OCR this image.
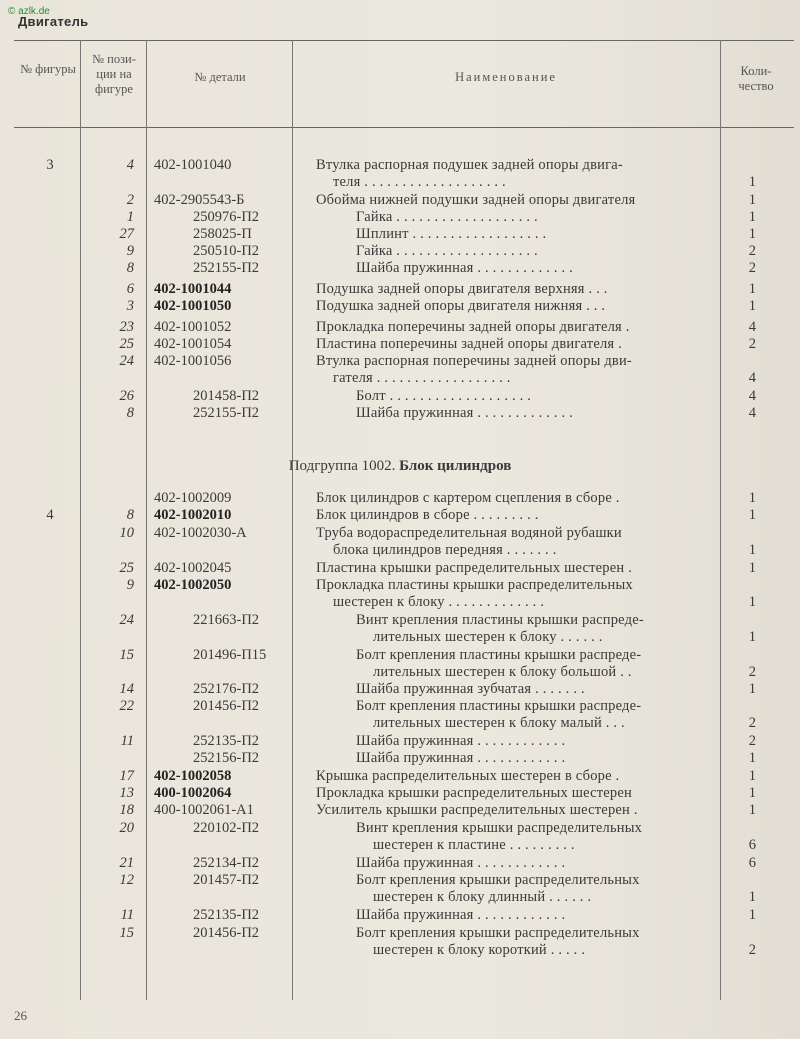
© azlk.de
Двигатель
№ фигуры
№ пози-ции на фигуре
№ детали	Наименование	Коли-чество
3	4 402-1001040	Втулка распорная подушек задней опоры двига-
теля . . . . . . . . . . . . . . . . . . .	1
2 402-2905543-Б	Обойма нижней подушки задней опоры двигателя	1
1	250976-П2	Гайка . . . . . . . . . . . . . . . . . . .	1
27	258025-П	Шплинт . . . . . . . . . . . . . . . . . .	1
9	250510-П2	Гайка . . . . . . . . . . . . . . . . . . .	2
8	252155-П2	Шайба пружинная . . . . . . . . . . . . .	2
6 402-1001044	Подушка задней опоры двигателя верхняя . . .	1
3 402-1001050	Подушка задней опоры двигателя нижняя . . .	1
23 402-1001052	Прокладка поперечины задней опоры двигателя .	4
25 402-1001054	Пластина поперечины задней опоры двигателя .	2
24 402-1001056	Втулка распорная поперечины задней опоры дви-
гателя . . . . . . . . . . . . . . . . . .	4
26	201458-П2	Болт . . . . . . . . . . . . . . . . . . .	4
8	252155-П2	Шайба пружинная . . . . . . . . . . . . .	4
402-1002009	Блок цилиндров с картером сцепления в сборе .	1
4	8 402-1002010	Блок цилиндров в сборе . . . . . . . . .	1
10 402-1002030-А	Труба водораспределительная водяной рубашки
блока цилиндров передняя . . . . . . .	1
25 402-1002045	Пластина крышки распределительных шестерен .	1
9 402-1002050	Прокладка пластины крышки распределительных
шестерен к блоку . . . . . . . . . . . . .	1
24	221663-П2	Винт крепления пластины крышки распреде-
лительных шестерен к блоку . . . . . .	1
15	201496-П15	Болт крепления пластины крышки распреде-
лительных шестерен к блоку большой . .	2
14	252176-П2	Шайба пружинная зубчатая . . . . . . .	1
22	201456-П2	Болт крепления пластины крышки распреде-
лительных шестерен к блоку малый . . .	2
11	252135-П2	Шайба пружинная . . . . . . . . . . . .	2
252156-П2	Шайба пружинная . . . . . . . . . . . .	1
17 402-1002058	Крышка распределительных шестерен в сборе .	1
13 400-1002064	Прокладка крышки распределительных шестерен	1
18 400-1002061-А1	Усилитель крышки распределительных шестерен .	1
20	220102-П2	Винт крепления крышки распределительных
шестерен к пластине . . . . . . . . .	6
21	252134-П2	Шайба пружинная . . . . . . . . . . . .	6
12	201457-П2	Болт крепления крышки распределительных
шестерен к блоку длинный . . . . . .	1
11	252135-П2	Шайба пружинная . . . . . . . . . . . .	1
15	201456-П2	Болт крепления крышки распределительных
шестерен к блоку короткий . . . . .	2
Подгруппа 1002. Блок цилиндров
26
